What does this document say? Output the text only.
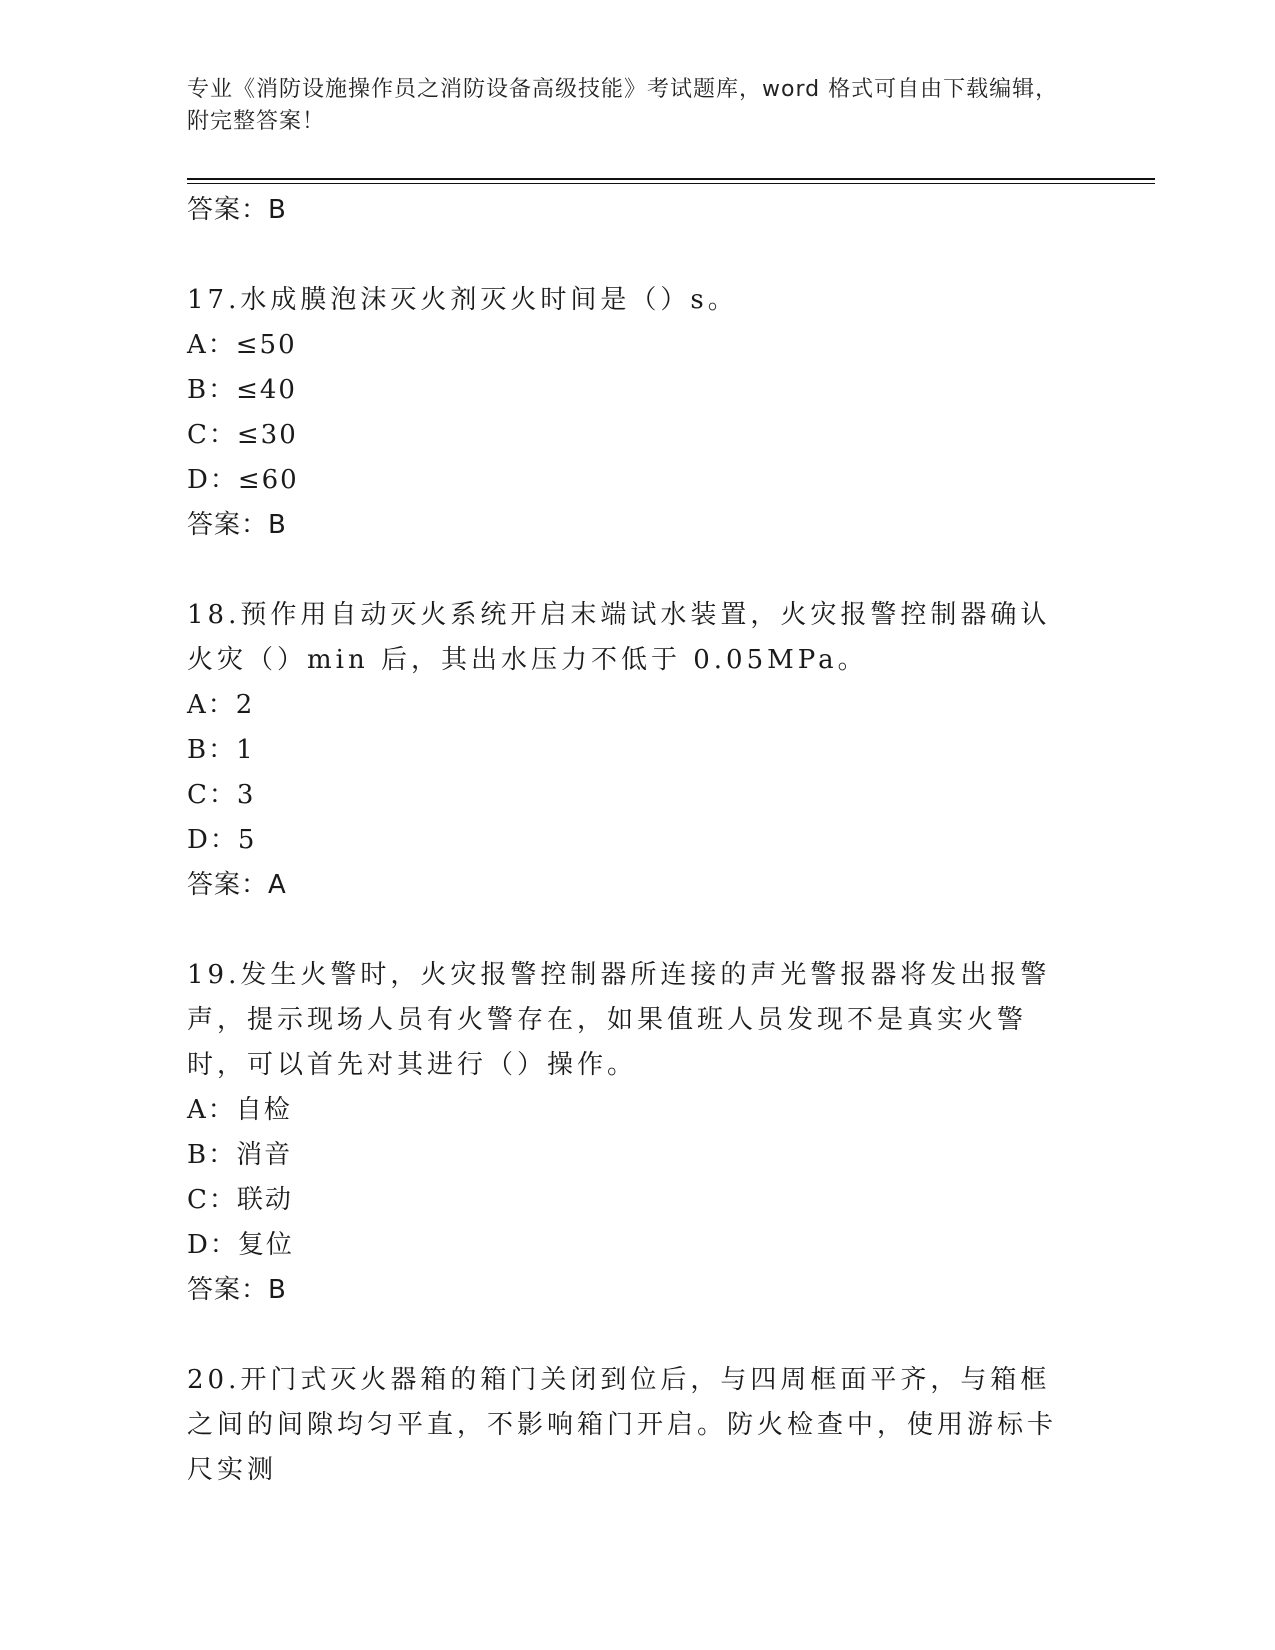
专业《消防设施操作员之消防设备高级技能》考试题库，word 格式可自由下载编辑，附完整答案！

答案：B

17.水成膜泡沫灭火剂灭火时间是（）s。

A：≤50

B：≤40

C：≤30

D：≤60

答案：B

18.预作用自动灭火系统开启末端试水装置，火灾报警控制器确认火灾（）min 后，其出水压力不低于 0.05MPa。

A：2

B：1

C：3

D：5

答案：A

19.发生火警时，火灾报警控制器所连接的声光警报器将发出报警声，提示现场人员有火警存在，如果值班人员发现不是真实火警时，可以首先对其进行（）操作。

A：自检

B：消音

C：联动

D：复位

答案：B

20.开门式灭火器箱的箱门关闭到位后，与四周框面平齐，与箱框之间的间隙均匀平直，不影响箱门开启。防火检查中，使用游标卡尺实测
